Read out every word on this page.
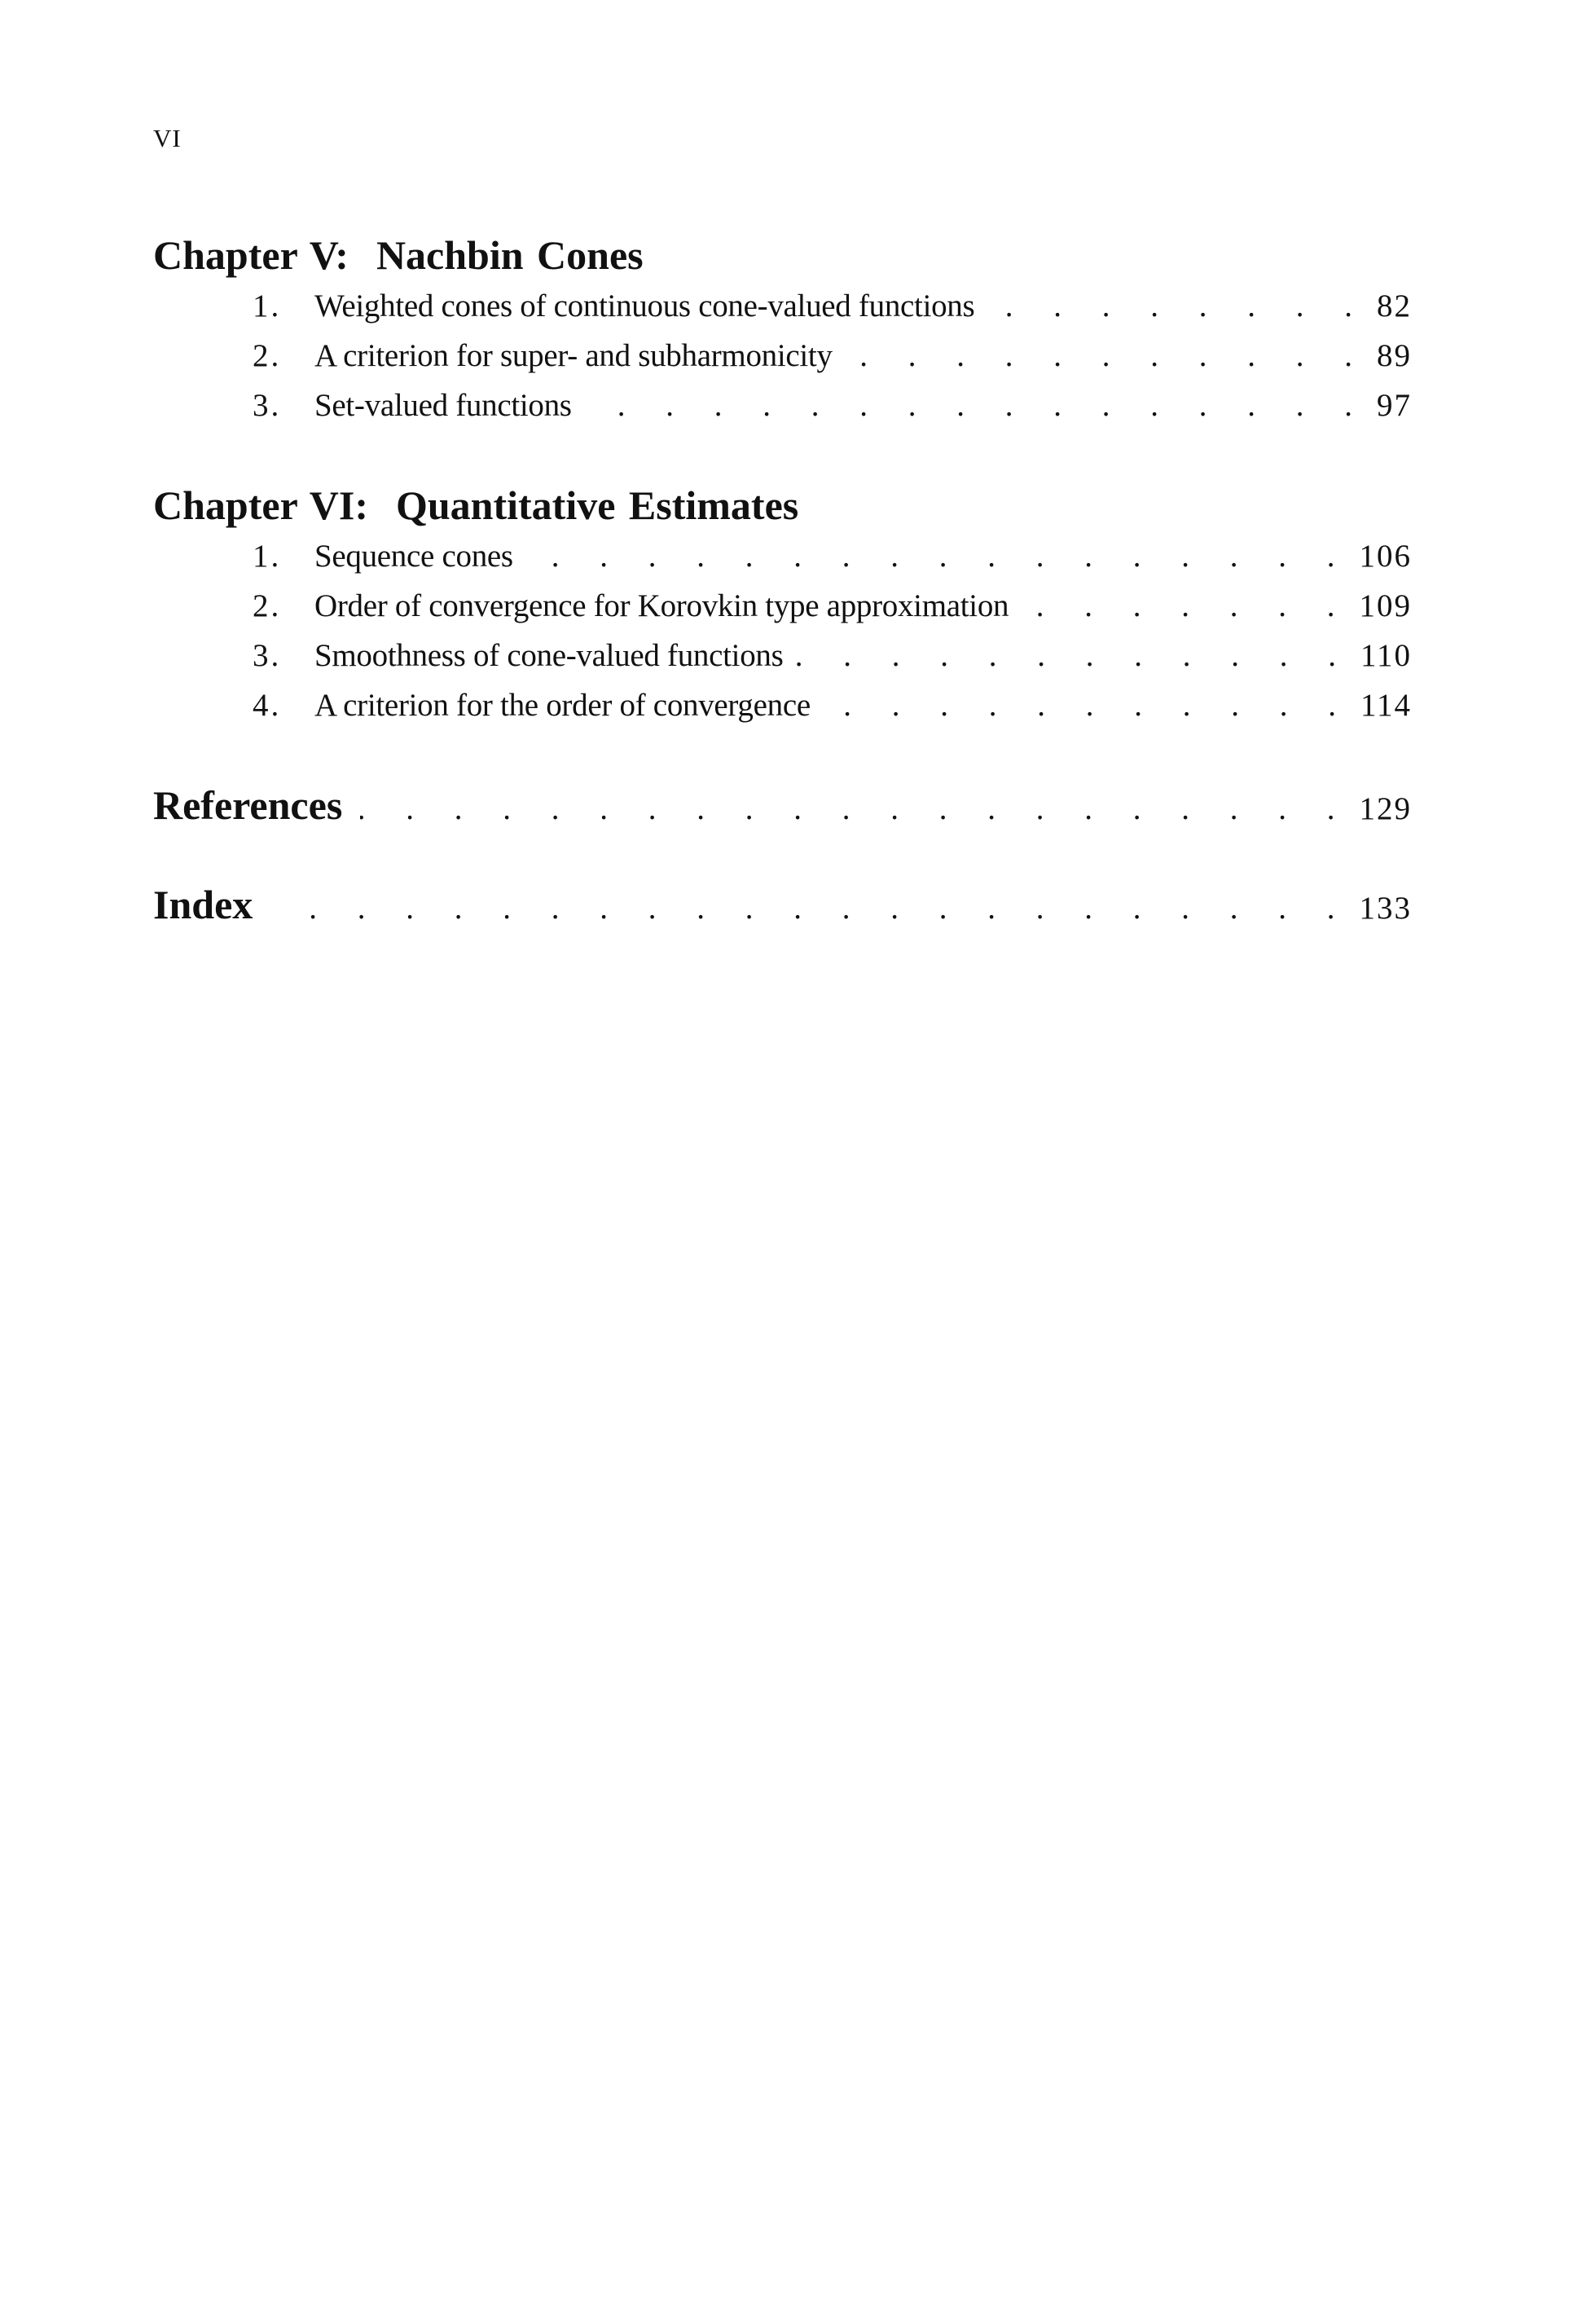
VI
Chapter V: Nachbin Cones
1. Weighted cones of continuous cone-valued functions . . .	82
2. A criterion for super- and subharmonicity . . .	89
3. Set-valued functions . . .	97
Chapter VI: Quantitative Estimates
1. Sequence cones . . .	106
2. Order of convergence for Korovkin type approximation . . .	109
3. Smoothness of cone-valued functions . . .	110
4. A criterion for the order of convergence . . .	114
References . . .	129
Index . . .	133
